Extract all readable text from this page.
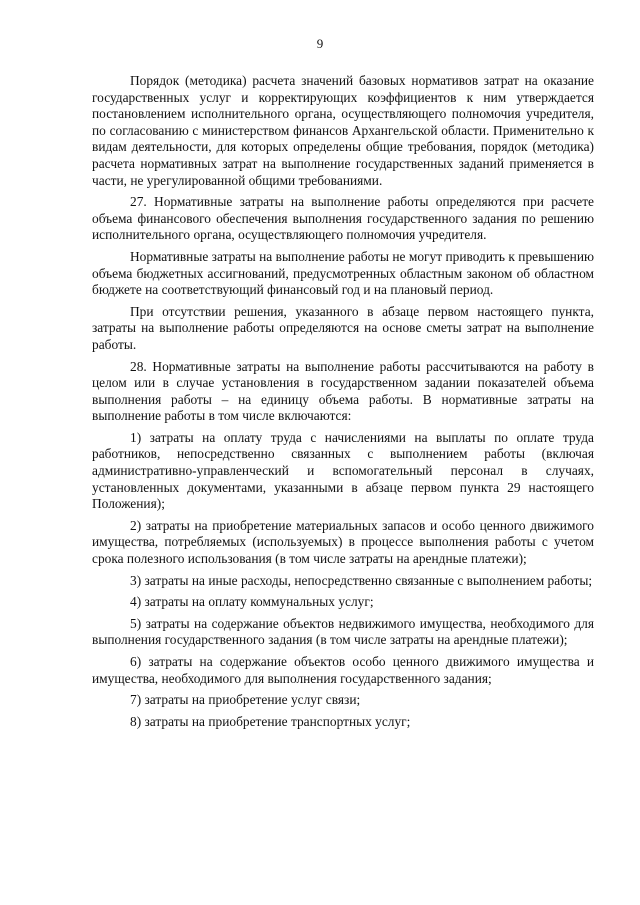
9

Порядок (методика) расчета значений базовых нормативов затрат на оказание государственных услуг и корректирующих коэффициентов к ним утверждается постановлением исполнительного органа, осуществляющего полномочия учредителя, по согласованию с министерством финансов Архангельской области. Применительно к видам деятельности, для которых определены общие требования, порядок (методика) расчета нормативных затрат на выполнение государственных заданий применяется в части, не урегулированной общими требованиями.

27. Нормативные затраты на выполнение работы определяются при расчете объема финансового обеспечения выполнения государственного задания по решению исполнительного органа, осуществляющего полномочия учредителя.

Нормативные затраты на выполнение работы не могут приводить к превышению объема бюджетных ассигнований, предусмотренных областным законом об областном бюджете на соответствующий финансовый год и на плановый период.

При отсутствии решения, указанного в абзаце первом настоящего пункта, затраты на выполнение работы определяются на основе сметы затрат на выполнение работы.

28. Нормативные затраты на выполнение работы рассчитываются на работу в целом или в случае установления в государственном задании показателей объема выполнения работы – на единицу объема работы. В нормативные затраты на выполнение работы в том числе включаются:

1) затраты на оплату труда с начислениями на выплаты по оплате труда работников, непосредственно связанных с выполнением работы (включая административно-управленческий и вспомогательный персонал в случаях, установленных документами, указанными в абзаце первом пункта 29 настоящего Положения);

2) затраты на приобретение материальных запасов и особо ценного движимого имущества, потребляемых (используемых) в процессе выполнения работы с учетом срока полезного использования (в том числе затраты на арендные платежи);

3) затраты на иные расходы, непосредственно связанные с выполнением работы;

4) затраты на оплату коммунальных услуг;

5) затраты на содержание объектов недвижимого имущества, необходимого для выполнения государственного задания (в том числе затраты на арендные платежи);

6) затраты на содержание объектов особо ценного движимого имущества и имущества, необходимого для выполнения государственного задания;

7) затраты на приобретение услуг связи;

8) затраты на приобретение транспортных услуг;
